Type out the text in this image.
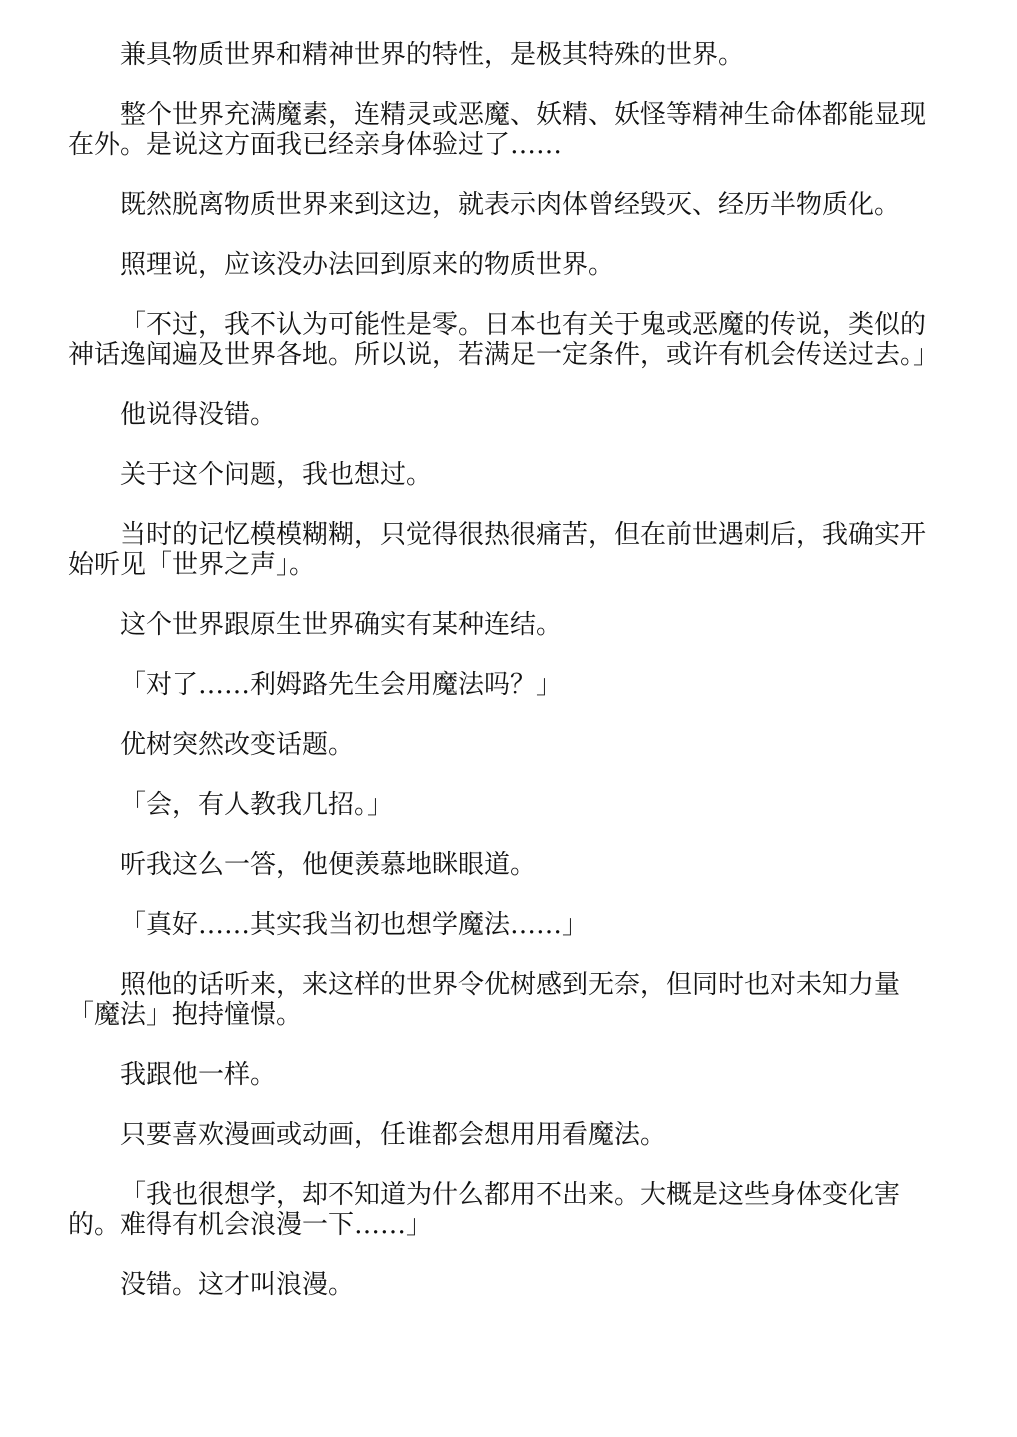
兼具物质世界和精神世界的特性，是极其特殊的世界。

整个世界充满魔素，连精灵或恶魔、妖精、妖怪等精神生命体都能显现在外。是说这方面我已经亲身体验过了……

既然脱离物质世界来到这边，就表示肉体曾经毁灭、经历半物质化。

照理说，应该没办法回到原来的物质世界。

「不过，我不认为可能性是零。日本也有关于鬼或恶魔的传说，类似的神话逸闻遍及世界各地。所以说，若满足一定条件，或许有机会传送过去。」

他说得没错。

关于这个问题，我也想过。

当时的记忆模模糊糊，只觉得很热很痛苦，但在前世遇刺后，我确实开始听见「世界之声」。

这个世界跟原生世界确实有某种连结。

「对了……利姆路先生会用魔法吗？」

优树突然改变话题。

「会，有人教我几招。」

听我这么一答，他便羡慕地眯眼道。

「真好……其实我当初也想学魔法……」

照他的话听来，来这样的世界令优树感到无奈，但同时也对未知力量「魔法」抱持憧憬。

我跟他一样。

只要喜欢漫画或动画，任谁都会想用用看魔法。

「我也很想学，却不知道为什么都用不出来。大概是这些身体变化害的。难得有机会浪漫一下……」

没错。这才叫浪漫。
